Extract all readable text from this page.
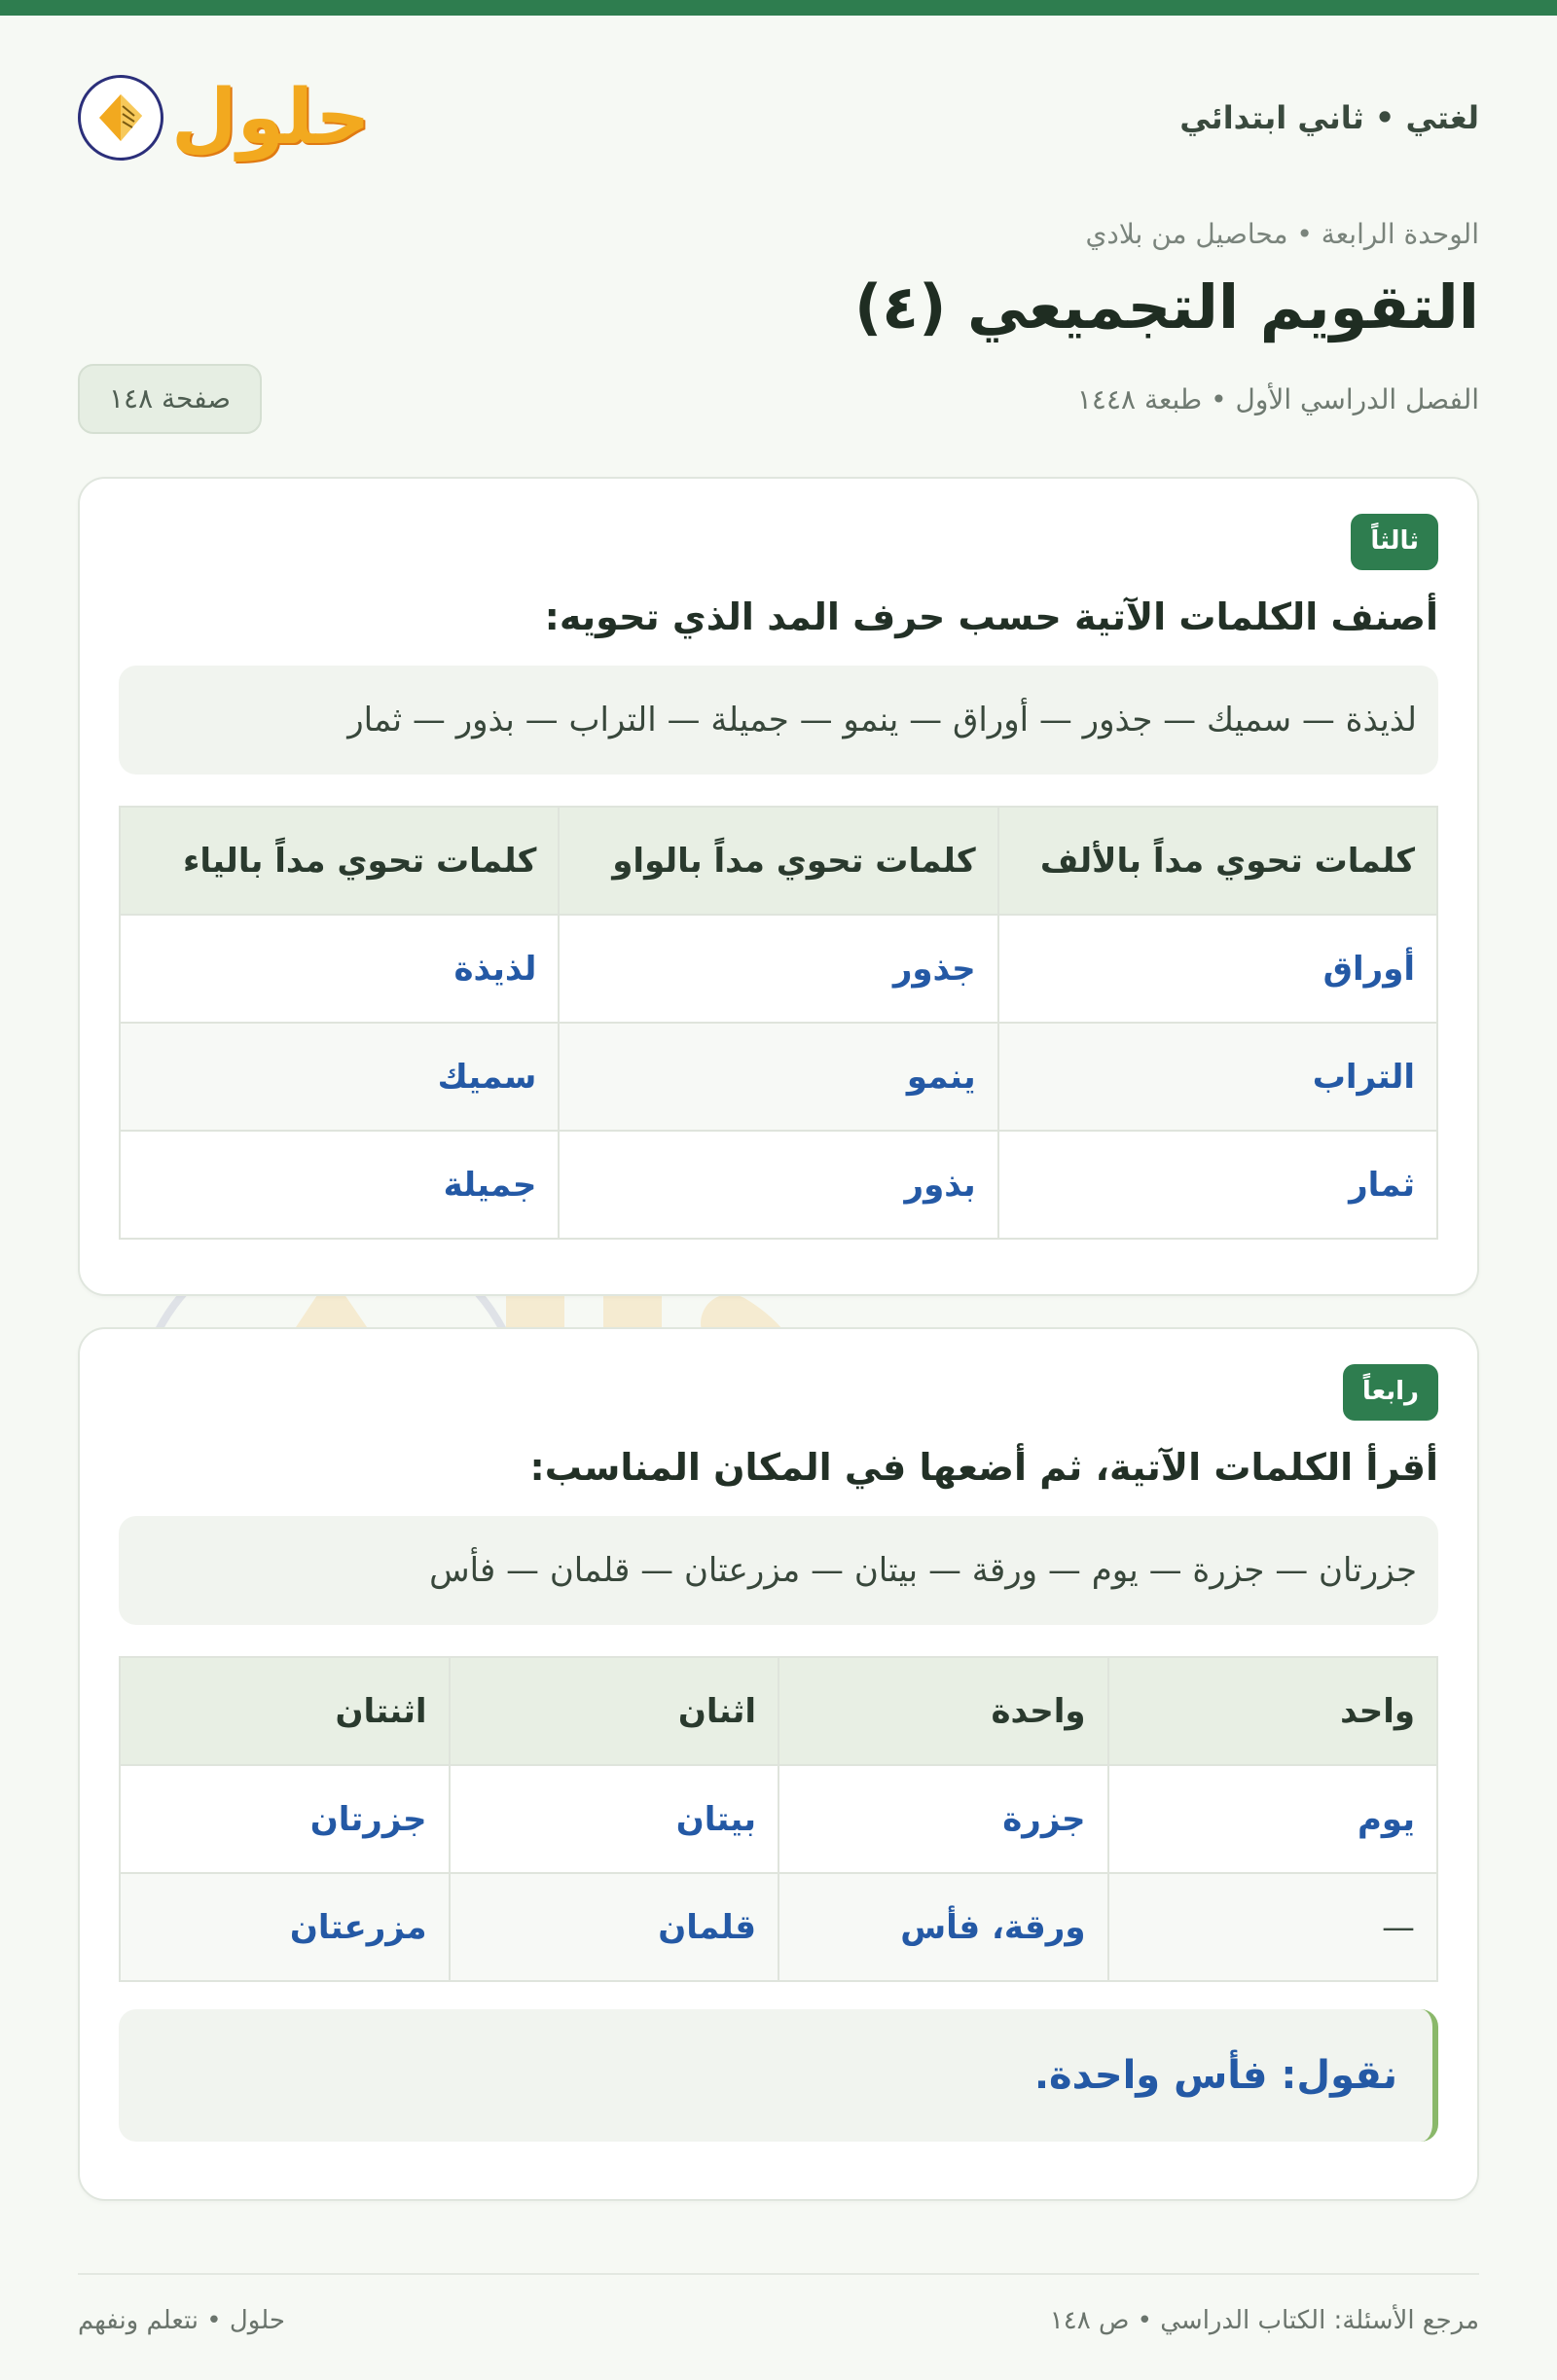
لغتي • ثاني ابتدائي
حلول
الوحدة الرابعة • محاصيل من بلادي
التقويم التجميعي (٤)
الفصل الدراسي الأول • طبعة ١٤٤٨
صفحة ١٤٨
ثالثاً
أصنف الكلمات الآتية حسب حرف المد الذي تحويه:
لذيذة — سميك — جذور — أوراق — ينمو — جميلة — التراب — بذور — ثمار
كلمات تحوي مداً بالألف	كلمات تحوي مداً بالواو	كلمات تحوي مداً بالياء
أوراق	جذور	لذيذة
التراب	ينمو	سميك
ثمار	بذور	جميلة
رابعاً
أقرأ الكلمات الآتية، ثم أضعها في المكان المناسب:
جزرتان — جزرة — يوم — ورقة — بيتان — مزرعتان — قلمان — فأس
واحد	واحدة	اثنان	اثنتان
يوم	جزرة	بيتان	جزرتان
—	ورقة، فأس	قلمان	مزرعتان
نقول: فأس واحدة.
مرجع الأسئلة: الكتاب الدراسي • ص ١٤٨
حلول • نتعلم ونفهم
